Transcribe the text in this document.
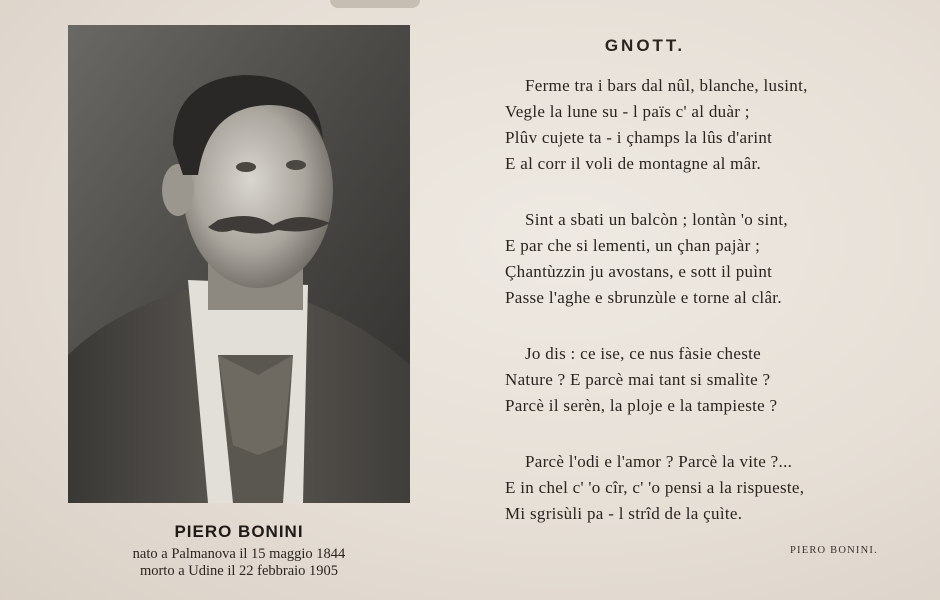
PIERO BONINI
nato a Palmanova il 15 maggio 1844
morto a Udine il 22 febbraio 1905
GNOTT.
Ferme tra i bars dal nûl, blanche, lusint,
Vegle la lune su - l païs c' al duàr ;
Plûv cujete ta - i çhamps la lûs d'arint
E al corr il voli de montagne al mâr.
Sint a sbati un balcòn ; lontàn 'o sint,
E par che si lementi, un çhan pajàr ;
Çhantùzzin ju avostans, e sott il puìnt
Passe l'aghe e sbrunzùle e torne al clâr.
Jo dis : ce ise, ce nus fàsie cheste
Nature ? E parcè mai tant si smalìte ?
Parcè il serèn, la ploje e la tampieste ?
Parcè l'odi e l'amor ? Parcè la vite ?...
E in chel c' 'o cîr, c' 'o pensi a la rispueste,
Mi sgrisùli pa - l strîd de la çuìte.
PIERO BONINI.
